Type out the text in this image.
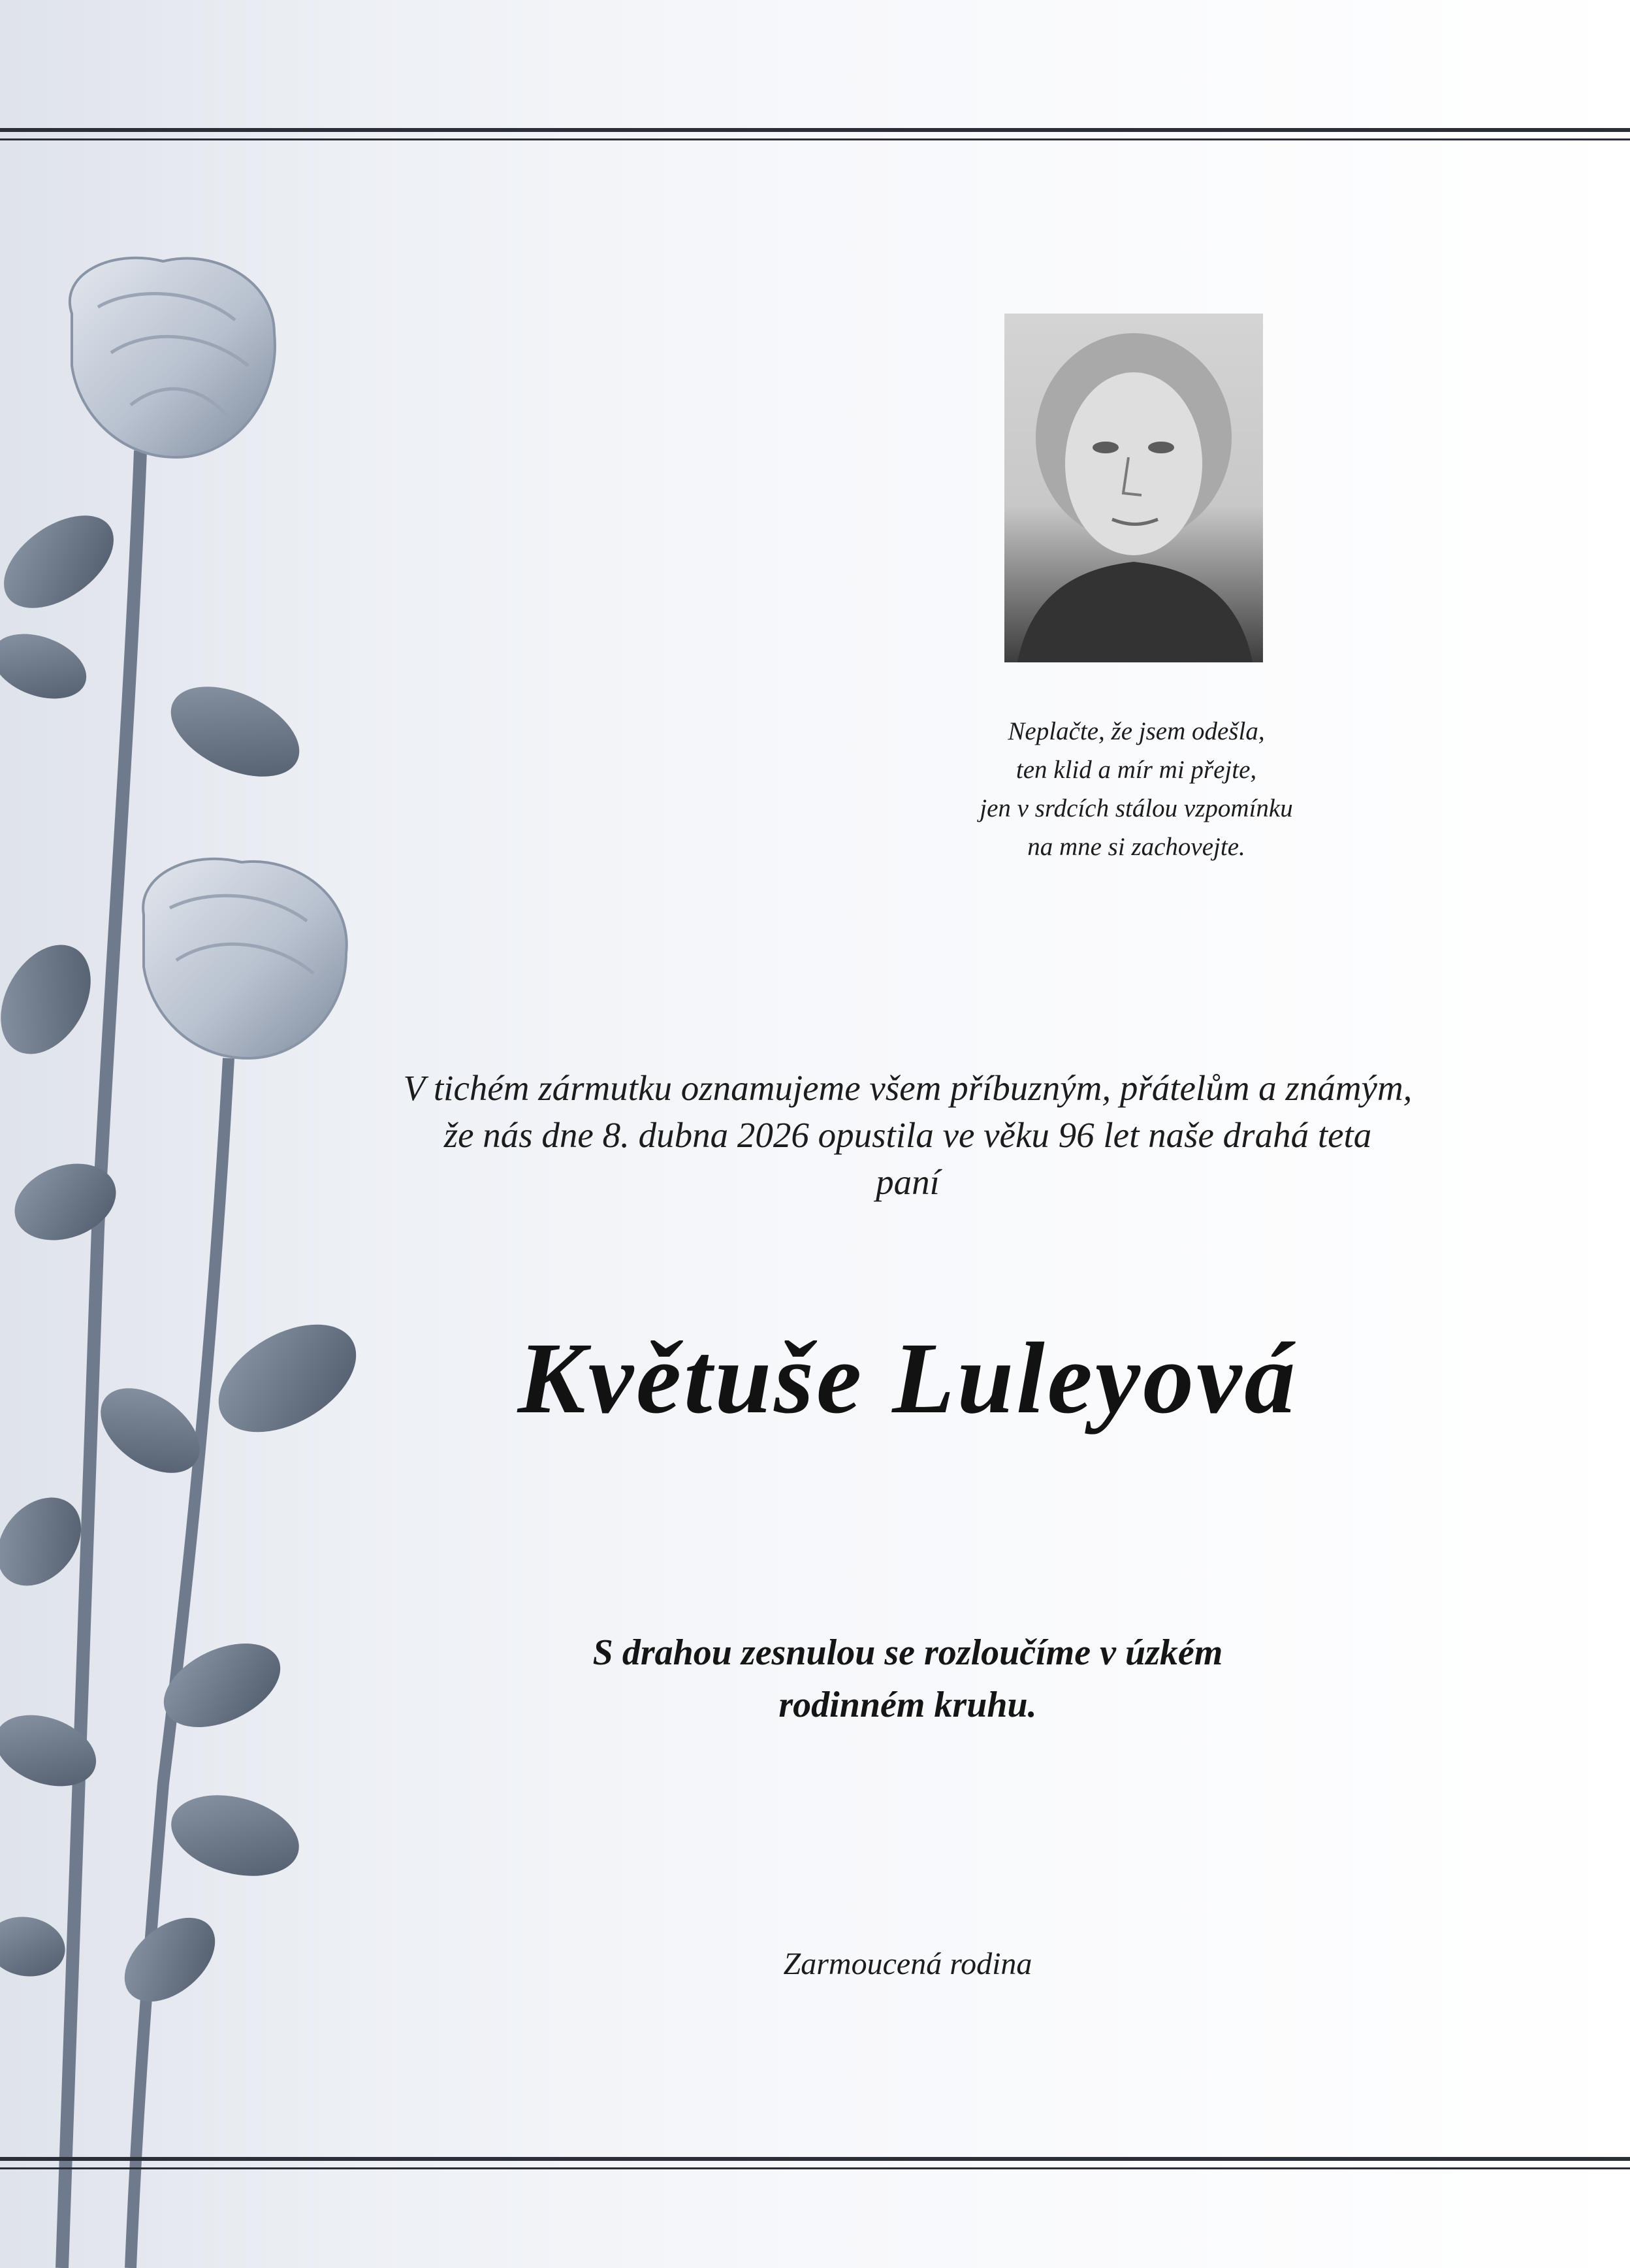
Neplačte, že jsem odešla,
ten klid a mír mi přejte,
jen v srdcích stálou vzpomínku
na mne si zachovejte.
V tichém zármutku oznamujeme všem příbuzným, přátelům a známým,
že nás dne 8. dubna 2026 opustila ve věku 96 let naše drahá teta
paní
Květuše Luleyová
S drahou zesnulou se rozloučíme v úzkém
rodinném kruhu.
Zarmoucená rodina
